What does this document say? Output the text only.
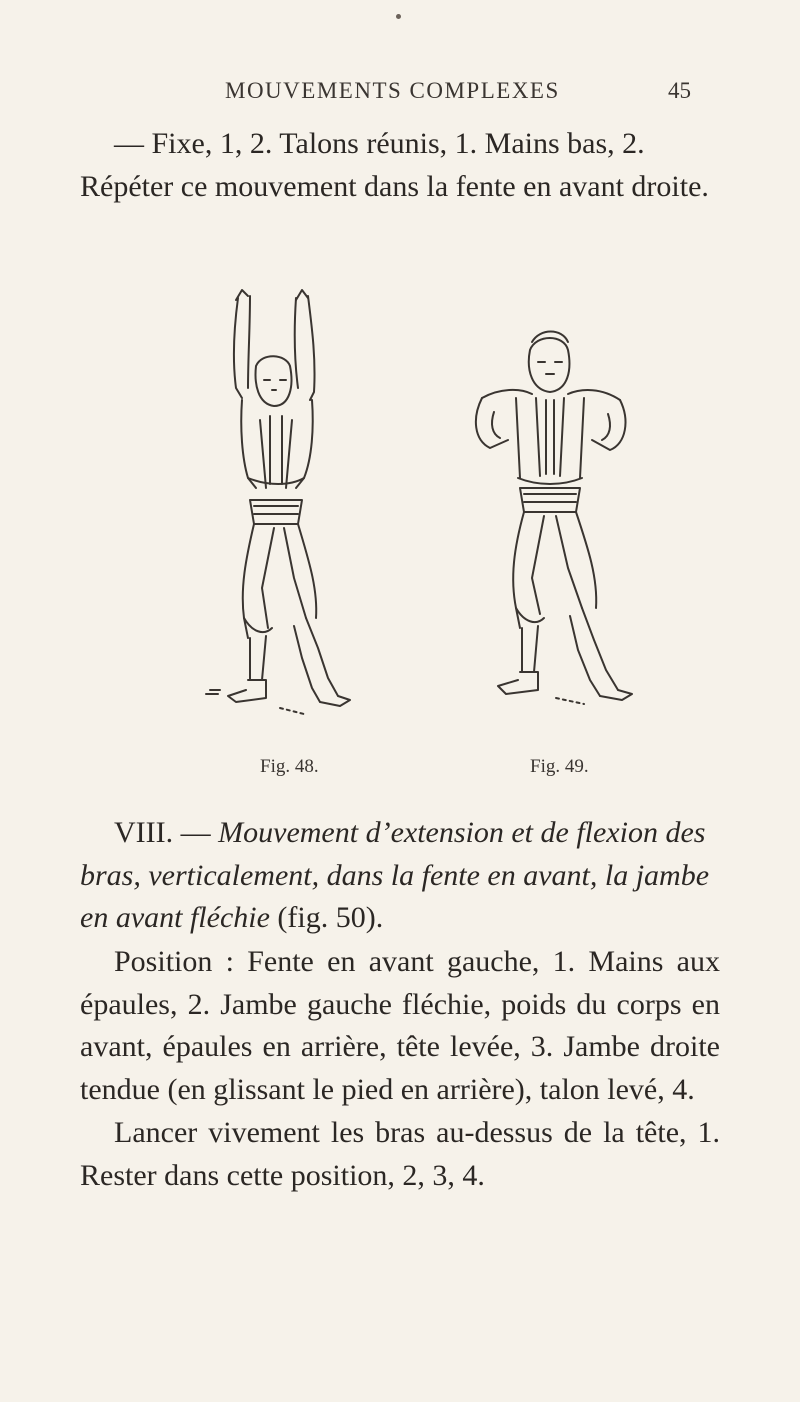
MOUVEMENTS COMPLEXES	45

— Fixe, 1, 2. Talons réunis, 1. Mains bas, 2. Répéter ce mouvement dans la fente en avant droite.

Fig. 48.	Fig. 49.

VIII. — Mouvement d’extension et de flexion des bras, verticalement, dans la fente en avant, la jambe en avant fléchie (fig. 50).

Position : Fente en avant gauche, 1. Mains aux épaules, 2. Jambe gauche fléchie, poids du corps en avant, épaules en arrière, tête levée, 3. Jambe droite tendue (en glissant le pied en arrière), talon levé, 4.

Lancer vivement les bras au-dessus de la tête, 1. Rester dans cette position, 2, 3, 4.
